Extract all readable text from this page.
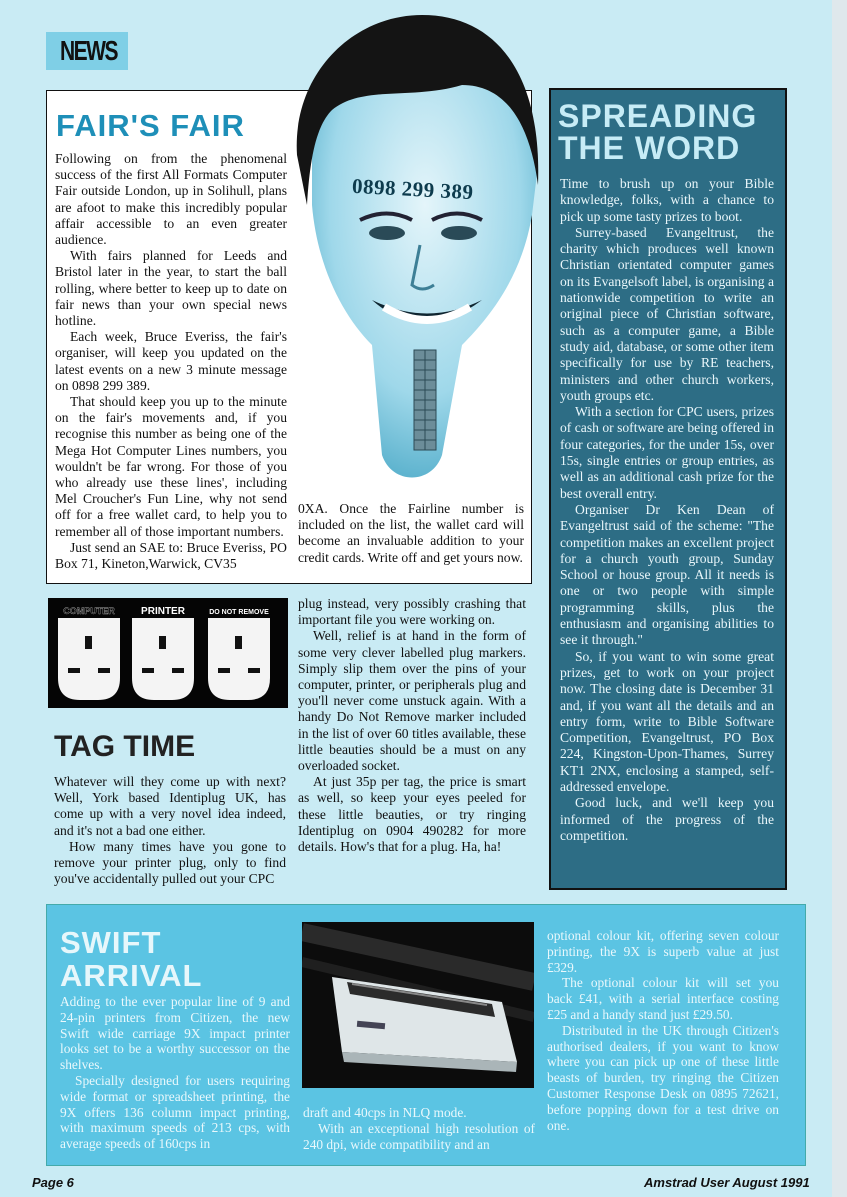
NEWS
FAIR'S FAIR
0898 299 389

Following on from the phenomenal success of the first All Formats Computer Fair outside London, up in Solihull, plans are afoot to make this incredibly popular affair accessible to an even greater audience.

With fairs planned for Leeds and Bristol later in the year, to start the ball rolling, where better to keep up to date on fair news than your own special news hotline.

Each week, Bruce Everiss, the fair's organiser, will keep you updated on the latest events on a new 3 minute message on 0898 299 389.

That should keep you up to the minute on the fair's movements and, if you recognise this number as being one of the Mega Hot Computer Lines numbers, you wouldn't be far wrong. For those of you who already use these lines', including Mel Croucher's Fun Line, why not send off for a free wallet card, to help you to remember all of those important numbers.

Just send an SAE to: Bruce Everiss, PO Box 71, Kineton,Warwick, CV35

0XA. Once the Fairline number is included on the list, the wallet card will become an invaluable addition to your credit cards. Write off and get yours now.

SPREADING
THE WORD

Time to brush up on your Bible knowledge, folks, with a chance to pick up some tasty prizes to boot.

Surrey-based Evangeltrust, the charity which produces well known Christian orientated computer games on its Evangelsoft label, is organising a nationwide competition to write an original piece of Christian software, such as a computer game, a Bible study aid, database, or some other item specifically for use by RE teachers, ministers and other church workers, youth groups etc.

With a section for CPC users, prizes of cash or software are being offered in four categories, for the under 15s, over 15s, single entries or group entries, as well as an additional cash prize for the best overall entry.

Organiser Dr Ken Dean of Evangeltrust said of the scheme: "The competition makes an excellent project for a church youth group, Sunday School or house group. All it needs is one or two people with simple programming skills, plus the enthusiasm and organising abilities to see it through."

So, if you want to win some great prizes, get to work on your project now. The closing date is December 31 and, if you want all the details and an entry form, write to Bible Software Competition, Evangeltrust, PO Box 224, Kingston-Upon-Thames, Surrey KT1 2NX, enclosing a stamped, self-addressed envelope.

Good luck, and we'll keep you informed of the progress of the competition.

COMPUTER	PRINTER	DO NOT REMOVE
TAG TIME

Whatever will they come up with next? Well, York based Identiplug UK, has come up with a very novel idea indeed, and it's not a bad one either.

How many times have you gone to remove your printer plug, only to find you've accidentally pulled out your CPC

plug instead, very possibly crashing that important file you were working on.

Well, relief is at hand in the form of some very clever labelled plug markers. Simply slip them over the pins of your computer, printer, or peripherals plug and you'll never come unstuck again. With a handy Do Not Remove marker included in the list of over 60 titles available, these little beauties should be a must on any overloaded socket.

At just 35p per tag, the price is smart as well, so keep your eyes peeled for these little beauties, or try ringing Identiplug on 0904 490282 for more details. How's that for a plug. Ha, ha!

SWIFT
ARRIVAL

Adding to the ever popular line of 9 and 24-pin printers from Citizen, the new Swift wide carriage 9X impact printer looks set to be a worthy successor on the shelves.

Specially designed for users requiring wide format or spreadsheet printing, the 9X offers 136 column impact printing, with maximum speeds of 213 cps, with average speeds of 160cps in

draft and 40cps in NLQ mode.

With an exceptional high resolution of 240 dpi, wide compatibility and an

optional colour kit, offering seven colour printing, the 9X is superb value at just £329.

The optional colour kit will set you back £41, with a serial interface costing £25 and a handy stand just £29.50.

Distributed in the UK through Citizen's authorised dealers, if you want to know where you can pick up one of these little beasts of burden, try ringing the Citizen Customer Response Desk on 0895 72621, before popping down for a test drive on one.

Page 6	Amstrad User August 1991
